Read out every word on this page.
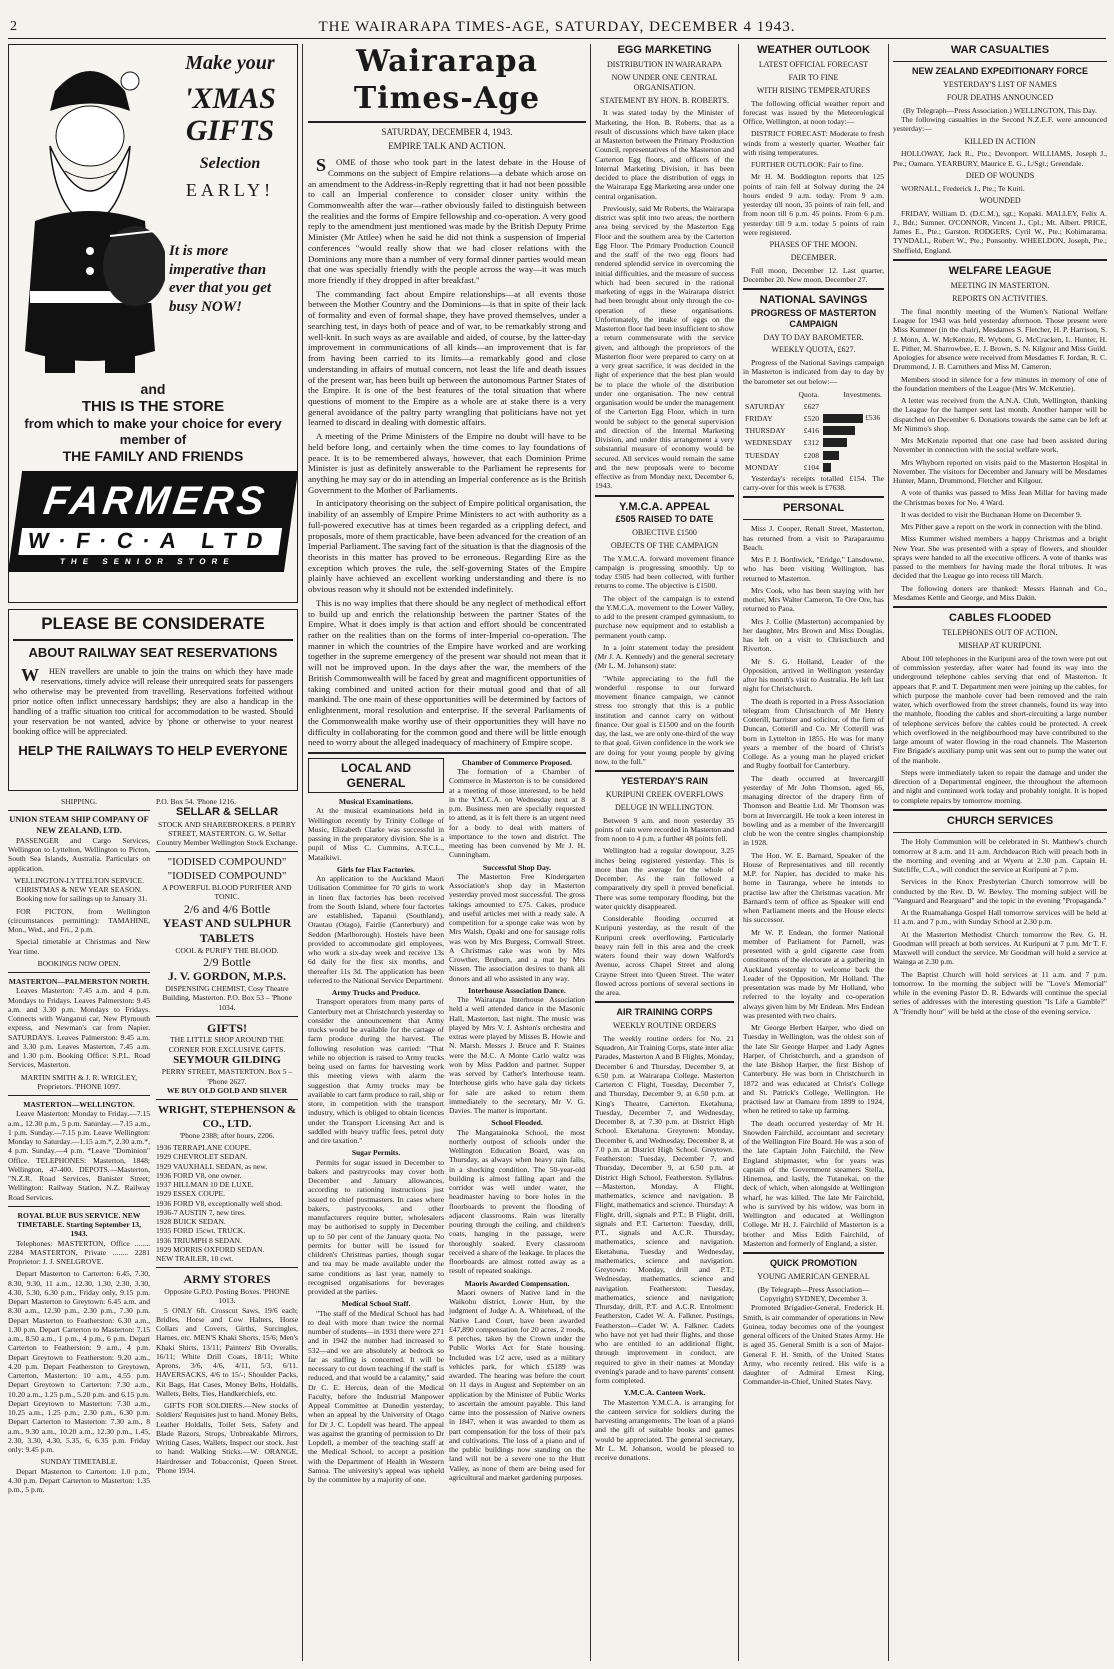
2	THE WAIRARAPA TIMES-AGE, SATURDAY, DECEMBER 4 1943.
Make your
'XMAS GIFTS
Selection
EARLY!
It is more imperative than ever that you get busy NOW!
and
THIS IS THE STORE
from which to make your choice for every member of
THE FAMILY AND FRIENDS
FARMERS
W·F·C·A LTD
THE SENIOR STORE
PLEASE BE CONSIDERATE
ABOUT RAILWAY SEAT RESERVATIONS

WHEN travellers are unable to join the trains on which they have made reservations, timely advice will release their unrequired seats for passengers who otherwise may be prevented from travelling. Reservations forfeited without prior notice often inflict unnecessary hardships; they are also a handicap in the handling of a traffic situation too critical for accommodation to be wasted. Should your reservation be not wanted, advice by 'phone or otherwise to your nearest booking office will be appreciated.

HELP THE RAILWAYS TO HELP EVERYONE
SHIPPING.
UNION STEAM SHIP COMPANY OF NEW ZEALAND, LTD.

PASSENGER and Cargo Services, Wellington to Lyttelton, Wellington to Picton, South Sea Islands, Australia. Particulars on application.

WELLINGTON-LYTTELTON SERVICE.
CHRISTMAS & NEW YEAR SEASON.

Booking now for sailings up to January 31.

FOR PICTON, from Wellington (circumstances permitting): TAMAHINE, Mon., Wed., and Fri., 2 p.m.

Special timetable at Christmas and New Year time.

BOOKINGS NOW OPEN.
MASTERTON—PALMERSTON NORTH.

Leaves Masterton: 7.45 a.m. and 4 p.m. Mondays to Fridays. Leaves Palmerston: 9.45 a.m. and 3.30 p.m. Mondays to Fridays. Connects with Wanganui car, New Plymouth express, and Newman's car from Napier. SATURDAYS. Leaves Palmerston: 9.45 a.m. and 3.30 p.m. Leaves Masterton, 7.45 a.m. and 1.30 p.m. Booking Office: S.P.L. Road Services, Masterton.

MARTIN SMITH & J. R. WRIGLEY, Proprietors. 'PHONE 1097.
MASTERTON—WELLINGTON.

Leave Masterton: Monday to Friday.—7.15 a.m., 12.30 p.m., 5 p.m. Saturday.—7.15 a.m., 1 p.m. Sunday.—7.15 p.m. Leave Wellington: Monday to Saturday.—1.15 a.m.*, 2.30 a.m.*, 4 p.m. Sunday.—4 p.m. *Leave "Dominion" Office. TELEPHONES: Masterton, 1848; Wellington, 47-400. DEPOTS.—Masterton, "N.Z.R. Road Services, Banister Street; Wellington: Railway Station, N.Z. Railway Road Services.

ROYAL BLUE BUS SERVICE. NEW TIMETABLE. Starting September 13, 1943.

Telephones: MASTERTON, Office ........ 2284 MASTERTON, Private ........ 2281 Proprietor: J. J. SNELGROVE.

Depart Masterton to Carterton: 6.45, 7.30, 8.30, 9.30, 11 a.m., 12.30, 1.30, 2.30, 3.30, 4.30, 5.30, 6.30 p.m., Friday only, 9.15 p.m. Depart Masterton to Greytown: 6.45 a.m. and 8.30 a.m., 12.30 p.m., 2.30 p.m., 7.30 p.m. Depart Masterton to Featherston: 6.30 a.m., 1.30 p.m. Depart Carterton to Masterton: 7.15 a.m., 8.50 a.m., 1 p.m., 4 p.m., 6 p.m. Depart Carterton to Featherston: 9 a.m., 4 p.m. Depart Greytown to Featherston: 9.20 a.m., 4.20 p.m. Depart Featherston to Greytown, Carterton, Masterton: 10 a.m., 4.55 p.m. Depart Greytown to Carterton: 7.30 a.m., 10.20 a.m., 1.25 p.m., 5.20 p.m. and 6.15 p.m. Depart Greytown to Masterton: 7.30 a.m., 10.25 a.m., 1.25 p.m., 2.30 p.m., 6.30 p.m. Depart Carterton to Masterton: 7.30 a.m., 8 a.m., 9.30 a.m., 10.20 a.m., 12.30 p.m., 1.45, 2.30, 3.30, 4.30, 5.35, 6, 6.35 p.m. Friday only: 9.45 p.m.

SUNDAY TIMETABLE.

Depart Masterton to Carterton: 1.0 p.m., 4.30 p.m. Depart Carterton to Masterton: 1.35 p.m., 5 p.m.

P.O. Box 54. 'Phone 1216.
SELLAR & SELLAR
STOCK AND SHAREBROKERS. 8 PERRY STREET, MASTERTON. G. W. Sellar Country Member Wellington Stock Exchange.
"IODISED COMPOUND"
"IODISED COMPOUND"
A POWERFUL BLOOD PURIFIER AND TONIC.
2/6 and 4/6 Bottle
YEAST AND SULPHUR TABLETS
COOL & PURIFY THE BLOOD.
2/9 Bottle
J. V. GORDON, M.P.S.
DISPENSING CHEMIST, Cosy Theatre Building, Masterton. P.O. Box 53 – 'Phone 1034.
GIFTS!
THE LITTLE SHOP AROUND THE CORNER FOR EXCLUSIVE GIFTS.
SEYMOUR GILDING
PERRY STREET, MASTERTON. Box 5 – 'Phone 2627.
WE BUY OLD GOLD AND SILVER
WRIGHT, STEPHENSON & CO., LTD.
'Phone 2388; after hours, 2206.
1936 TERRAPLANE COUPE.
1929 CHEVROLET SEDAN.
1929 VAUXHALL SEDAN, as new.
1936 FORD V8, one owner.
1937 HILLMAN 10 DE LUXE.
1929 ESSEX COUPE.
1936 FORD V8, exceptionally well shod.
1936-7 AUSTIN 7, new tires.
1928 BUICK SEDAN.
1935 FORD 15cwt. TRUCK.
1936 TRIUMPH 8 SEDAN.
1929 MORRIS OXFORD SEDAN.
NEW TRAILER, 10 cwt.
ARMY STORES
Opposite G.P.O. Posting Boxes. 'PHONE 1013.

5 ONLY 6ft. Crosscut Saws, 19/6 each; Bridles, Horse and Cow Halters, Horse Collars and Covers, Girths, Surcingles, Hames, etc. MEN'S Khaki Shorts, 15/6; Men's Khaki Shirts, 13/11; Painters' Bib Overalls, 16/11; White Drill Coats, 18/11; White Aprons, 3/6, 4/6, 4/11, 5/3, 6/11. HAVERSACKS, 4/6 to 15/-; Shoulder Packs, Kit Bags, Hat Cases, Money Belts, Holdalls, Wallets, Belts, Ties, Handkerchiefs, etc.

GIFTS FOR SOLDIERS.—New stocks of Soldiers' Requisites just to hand. Money Belts, Leather Holdalls, Toilet Sets, Safety and Blade Razors, Strops, Unbreakable Mirrors, Writing Cases, Wallets, Inspect our stock. Just to hand: Walking Sticks.—W. ORANGE, Hairdresser and Tobacconist, Queen Street. 'Phone 1934.

Wairarapa Times-Age
SATURDAY, DECEMBER 4, 1943.
EMPIRE TALK AND ACTION.

SOME of those who took part in the latest debate in the House of Commons on the subject of Empire relations—a debate which arose on an amendment to the Address-in-Reply regretting that it had not been possible to call an Imperial conference to consider closer unity within the Commonwealth after the war—rather obviously failed to distinguish between the realities and the forms of Empire fellowship and co-operation. A very good reply to the amendment just mentioned was made by the British Deputy Prime Minister (Mr Attlee) when he said he did not think a suspension of Imperial conferences "would really show that we had closer relations with the Dominions any more than a number of very formal dinner parties would mean that one was specially friendly with the people across the way—it was much more friendly if they dropped in after breakfast."

The commanding fact about Empire relationships—at all events those between the Mother Country and the Dominions—is that in spite of their lack of formality and even of formal shape, they have proved themselves, under a searching test, in days both of peace and of war, to be remarkably strong and well-knit. In such ways as are available and aided, of course, by the latter-day improvement in communications of all kinds—an improvement that is far from having been carried to its limits—a remarkably good and close understanding in affairs of mutual concern, not least the life and death issues of the present war, has been built up between the autonomous Partner States of the Empire. It is one of the best features of the total situation that where questions of moment to the Empire as a whole are at stake there is a very general avoidance of the paltry party wrangling that politicians have not yet learned to discard in dealing with domestic affairs.

A meeting of the Prime Ministers of the Empire no doubt will have to be held before long, and certainly when the time comes to lay foundations of peace. It is to be remembered always, however, that each Dominion Prime Minister is just as definitely answerable to the Parliament he represents for anything he may say or do in attending an Imperial conference as is the British Government to the Mother of Parliaments.

In anticipatory theorising on the subject of Empire political organisation, the inability of an assembly of Empire Prime Ministers to act with authority as a full-powered executive has at times been regarded as a crippling defect, and proposals, more of them practicable, have been advanced for the creation of an Imperial Parliament. The saving fact of the situation is that the diagnosis of the theorists in this matter has proved to be erroneous. Regarding Eire as the exception which proves the rule, the self-governing States of the Empire plainly have achieved an excellent working understanding and there is no obvious reason why it should not be extended indefinitely.

This is no way implies that there should be any neglect of methodical effort to build up and enrich the relationship between the partner States of the Empire. What it does imply is that action and effort should be concentrated rather on the realities than on the forms of inter-Imperial co-operation. The manner in which the countries of the Empire have worked and are working together in the supreme emergency of the present war should not mean that it will not be improved upon. In the days after the war, the members of the British Commonwealth will be faced by great and magnificent opportunities of taking combined and united action for their mutual good and that of all mankind. The one main of these opportunities will be determined by factors of enlightenment, moral resolution and enterprise. If the several Parliaments of the Commonwealth make worthy use of their opportunities they will have no difficulty in collaborating for the common good and there will be little enough need to worry about the alleged inadequacy of machinery of Empire scope.

LOCAL AND GENERAL
Musical Examinations.

At the musical examinations held in Wellington recently by Trinity College of Music, Elizabeth Clarke was successful in passing in the preparatory division. She is a pupil of Miss C. Cummins, A.T.C.L., Mataikiwi.

Girls for Flax Factories.

An application to the Auckland Maori Utilisation Committee for 70 girls to work in linen flax factories has been received from the South Island, where four factories are established, Tapanui (Southland), Otautau (Otago), Fairlie (Canterbury) and Seddon (Marlborough). Hostels have been provided to accommodate girl employees, who work a six-day week and receive 13s 6d daily for the first six months, and thereafter 11s 3d. The application has been referred to the National Service Department.

Army Trucks and Produce.

Transport operators from many parts of Canterbury met at Christchurch yesterday to consider the announcement that Army trucks would be available for the cartage of farm produce during the harvest. The following resolution was carried: "That while no objection is raised to Army trucks being used on farms for harvesting work this meeting views with alarm the suggestion that Army trucks may be available to cart farm produce to rail, ship or store, in competition with the transport industry, which is obliged to obtain licences under the Transport Licensing Act and is saddled with heavy traffic fees, petrol duty and tire taxation."

Sugar Permits.

Permits for sugar issued in December to bakers and pastrycooks may cover both December and January allowances, according to rationing instructions just issued to chief postmasters. In cases where bakers, pastrycooks, and other manufacturers require butter, wholesalers may be authorised to supply in December up to 50 per cent of the January quota. No permits for butter will be issued for children's Christmas parties, though sugar and tea may be made available under the same conditions as last year, namely to recognised organisations for beverages provided at the parties.

Medical School Staff.

"The staff of the Medical School has had to deal with more than twice the normal number of students—in 1931 there were 271 and in 1942 the number had increased to 532—and we are absolutely at bedrock so far as staffing is concerned. It will be necessary to cut down teaching if the staff is reduced, and that would be a calamity," said Dr C. E. Hercus, dean of the Medical Faculty, before the Industrial Manpower Appeal Committee at Dunedin yesterday, when an appeal by the University of Otago for Dr J. C. Lopdell was heard. The appeal was against the granting of permission to Dr Lopdell, a member of the teaching staff at the Medical School, to accept a position with the Department of Health in Western Samoa. The university's appeal was upheld by the committee by a majority of one.

Chamber of Commerce Proposed.

The formation of a Chamber of Commerce in Masterton is to be considered at a meeting of those interested, to be held in the Y.M.C.A. on Wednesday next at 8 p.m. Business men are specially requested to attend, as it is felt there is an urgent need for a body to deal with matters of importance to the town and district. The meeting has been convened by Mr J. H. Cunningham.

Successful Shop Day.

The Masterton Free Kindergarten Association's shop day in Masterton yesterday proved most successful. The gross takings amounted to £75. Cakes, produce and useful articles met with a ready sale. A competition for a sponge cake was won by Mrs Walsh, Opaki and one for sausage rolls was won by Mrs Burgess, Cornwall Street. A Christmas cake was won by Mrs Crowther, Bruburn, and a mat by Mrs Nissen. The association desires to thank all donors and all who assisted in any way.

Interhouse Association Dance.

The Wairarapa Interhouse Association held a well attended dance in the Masonic Hall, Masterton, last night. The music was played by Mrs V. J. Ashton's orchestra and extras were played by Misses B. Howie and N. Marsh. Messrs J. Bruce and F. Staines were the M.C. A Monte Carlo waltz was won by Miss Paddon and partner. Supper was served by Cather's Interhouse team. Interhouse girls who have gala day tickets for sale are asked to return them immediately to the secretary, Mr V. G. Davies. The matter is important.

School Flooded.

The Mangatainoka School, the most northerly outpost of schools under the Wellington Education Board, was on Thursday, as always when heavy rain falls, in a shocking condition. The 50-year-old building is almost falling apart and the corridor was well under water, the headmaster having to bore holes in the floorboards to prevent the flooding of adjacent classrooms. Rain was literally pouring through the ceiling, and children's coats, hanging in the passage, were thoroughly soaked. Every classroom received a share of the leakage. In places the floorboards are almost rotted away as a result of repeated soakings.

Maoris Awarded Compensation.

Maori owners of Native land in the Waikohu district, Lower Hutt, by the judgment of Judge A. A. Whitehead, of the Native Land Court, have been awarded £47,890 compensation for 20 acres, 2 roods, 8 perches, taken by the Crown under the Public Works Act for State housing. Included was 1/2 acre, used as a military vehicles park, for which £5189 was awarded. The hearing was before the court on 11 days in August and September on an application by the Minister of Public Works to ascertain the amount payable. This land came into the possession of Native owners in 1847, when it was awarded to them as part compensation for the loss of their pa's and cultivations. The loss of a piano and of the public buildings now standing on the land will not be a severe one to the Hutt Valley, as none of them are being used for agricultural and market gardening purposes.

EGG MARKETING
DISTRIBUTION IN WAIRARAPA
NOW UNDER ONE CENTRAL ORGANISATION.
STATEMENT BY HON. B. ROBERTS.

It was stated today by the Minister of Marketing, the Hon. B. Roberts, that as a result of discussions which have taken place at Masterton between the Primary Production Council, representatives of the Masterton and Carterton Egg floors, and officers of the Internal Marketing Division, it has been decided to place the distribution of eggs in the Wairarapa Egg Marketing area under one central organisation.

Previously, said Mr Roberts, the Wairarapa district was split into two areas, the northern area being serviced by the Masterton Egg Floor and the southern area by the Carterton Egg Floor. The Primary Production Council and the staff of the two egg floors had rendered splendid service in overcoming the initial difficulties, and the measure of success which had been secured in the rational marketing of eggs in the Wairarapa district had been brought about only through the co-operation of these organisations. Unfortunately, the intake of eggs on the Masterton floor had been insufficient to show a return commensurate with the service given, and although the proprietors of the Masterton floor were prepared to carry on at a very great sacrifice, it was decided in the light of experience that the best plan would be to place the whole of the distribution under one organisation. The new central organisation would be under the management of the Carterton Egg Floor, which in turn would be subject to the general supervision and direction of the Internal Marketing Division, and under this arrangement a very substantial measure of economy would be secured. All services would remain the same and the new proposals were to become effective as from Monday next, December 6, 1943.

Y.M.C.A. APPEAL
£505 RAISED TO DATE
OBJECTIVE £1500
OBJECTS OF THE CAMPAIGN

The Y.M.C.A. forward movement finance campaign is progressing smoothly. Up to today £505 had been collected, with further returns to come. The objective is £1500.

The object of the campaign is to extend the Y.M.C.A. movement to the Lower Valley, to add to the present cramped gymnasium, to purchase new equipment and to establish a permanent youth camp.

In a joint statement today the president (Mr J. A. Kennedy) and the general secretary (Mr L. M. Johanson) state:

"While appreciating to the full the wonderful response to our forward movement finance campaign, we cannot stress too strongly that this is a public institution and cannot carry on without finance. Our goal is £1500 and on the fourth day, the last, we are only one-third of the way to that goal. Given confidence in the work we are doing for your young people by giving now, to the full."

YESTERDAY'S RAIN
KURIPUNI CREEK OVERFLOWS
DELUGE IN WELLINGTON.

Between 9 a.m. and noon yesterday 35 points of rain were recorded in Masterton and from noon to 4 p.m. a further 48 points fell.

Wellington had a regular downpour, 3.25 inches being registered yesterday. This is more than the average for the whole of December. As the rain followed a comparatively dry spell it proved beneficial. There was some temporary flooding, but the water quickly disappeared.

Considerable flooding occurred at Kuripuni yesterday, as the result of the Kuripuni creek overflowing. Particularly heavy rain fell in this area and the creek waters found their way down Walford's Avenue, across Chapel Street and along Crayne Street into Queen Street. The water flowed across portions of several sections in the area.

AIR TRAINING CORPS
WEEKLY ROUTINE ORDERS

The weekly routine orders for No. 21 Squadron, Air Training Corps, state inter alia: Parades, Masterton A and B Flights, Monday, December 6 and Thursday, December 9, at 6.50 p.m. at Wairarapa College. Masterton Carterton C Flight, Tuesday, December 7, and Thursday, December 9, at 6.50 p.m. at King's Theatre, Carterton. Eketahuna, Tuesday, December 7, and Wednesday, December 8, at 7.30 p.m. at District High School. Eketahuna. Greytown: Monday, December 6, and Wednesday, December 8, at 7.0 p.m. at District High School. Greytown. Featherston: Tuesday, December 7, and Thursday, December 9, at 6.50 p.m. at District High School, Featherston. Syllabus.—Masterton, Monday, A Flight, mathematics, science and navigation. B Flight, mathematics and science. Thursday: A Flight, drill, signals and P.T.; B Flight, drill, signals and P.T. Carterton: Tuesday, drill, P.T., signals and A.C.R. Thursday, mathematics, science and navigation. Eketahuna, Tuesday and Wednesday, mathematics, science and navigation. Greytown: Monday, drill and P.T.; Wednesday, mathematics, science and navigation. Featherston: Tuesday, mathematics, science and navigation; Thursday, drill, P.T. and A.C.R. Enrolment: Featherston, Cadet W. A. Falkner. Postings, Featherston—Cadet W. A. Falkner. Cadets who have not yet had their flights, and those who are entitled to an additional flight, through improvement in conduct, are required to give in their names at Monday evening's parade and to have parents' consent form completed.

Y.M.C.A. Canteen Work.

The Masterton Y.M.C.A. is arranging for the canteen service for soldiers during the harvesting arrangements. The loan of a piano and the gift of suitable books and games would be appreciated. The general secretary, Mr L. M. Johanson, would be pleased to receive donations.

WEATHER OUTLOOK
LATEST OFFICIAL FORECAST
FAIR TO FINE
WITH RISING TEMPERATURES

The following official weather report and forecast was issued by the Meteorological Office, Wellington, at noon today:—

DISTRICT FORECAST: Moderate to fresh winds from a westerly quarter. Weather fair with rising temperatures.

FURTHER OUTLOOK: Fair to fine.

Mr H. M. Boddington reports that 125 points of rain fell at Solway during the 24 hours ended 9 a.m. today. From 9 a.m. yesterday till noon, 35 points of rain fell, and from noon till 6 p.m. 45 points. From 6 p.m. yesterday till 9 a.m. today 5 points of rain were registered.

PHASES OF THE MOON.
DECEMBER.

Full moon, December 12. Last quarter, December 20. New moon, December 27.

NATIONAL SAVINGS
PROGRESS OF MASTERTON CAMPAIGN
DAY TO DAY BAROMETER.
WEEKLY QUOTA, £627.

Progress of the National Savings campaign in Masterton is indicated from day to day by the barometer set out below:—

	Quota.	Investments.
SATURDAY	£627	
FRIDAY	£520	£536
THURSDAY	£416	
WEDNESDAY	£312	
TUESDAY	£208	
MONDAY	£104	

Yesterday's receipts totalled £154. The carry-over for this week is £7638.

PERSONAL

Miss J. Cooper, Renall Street, Masterton, has returned from a visit to Paraparaumu Beach.

Mrs P. J. Borthwick, "Eridge," Lansdowne, who has been visiting Wellington, has returned to Masterton.

Mrs Cook, who has been staying with her mother, Mrs Walter Cameron, Te Ore Ore, has returned to Paoa.

Mrs J. Collie (Masterton) accompanied by her daughter, Mrs Brown and Miss Douglas, has left on a visit to Christchurch and Riverton.

Mr S. G. Holland, Leader of the Opposition, arrived in Wellington yesterday after his month's visit to Australia. He left last night for Christchurch.

The death is reported in a Press Association telegram from Christchurch of Mr Henry Cotterill, barrister and solicitor, of the firm of Duncan, Cotterill and Co. Mr Cotterill was born in Lyttelton in 1855. He was for many years a member of the board of Christ's College. As a young man he played cricket and Rugby football for Canterbury.

The death occurred at Invercargill yesterday of Mr John Thomson, aged 66, managing director of the drapery firm of Thomson and Beattie Ltd. Mr Thomson was born at Invercargill. He took a keen interest in bowling and as a member of the Invercargill club he won the centre singles championship in 1928.

The Hon. W. E. Barnard, Speaker of the House of Representatives and till recently M.P. for Napier, has decided to make his home in Tauranga, where he intends to practise law after the Christmas vacation. Mr Barnard's term of office as Speaker will end when Parliament meets and the House elects his successor.

Mr W. P. Endean, the former National member of Parliament for Parnell, was presented with a gold cigarette case from constituents of the electorate at a gathering in Auckland yesterday to welcome back the Leader of the Opposition, Mr Holland. The presentation was made by Mr Holland, who referred to the loyalty and co-operation always given him by Mr Endean. Mrs Endean was presented with two chairs.

Mr George Herbert Harper, who died on Tuesday in Wellington, was the oldest son of the late Sir George Harper and Lady Agnes Harper, of Christchurch, and a grandson of the late Bishop Harper, the first Bishop of Canterbury. He was born in Christchurch in 1872 and was educated at Christ's College and St. Patrick's College, Wellington. He practised law at Oamaru from 1899 to 1924, when he retired to take up farming.

The death occurred yesterday of Mr H. Snowden Fairchild, accountant and secretary of the Wellington Fire Board. He was a son of the late Captain John Fairchild, the New England shipmaster, who for years was captain of the Government steamers Stella, Hinemoa, and lastly, the Tutanekai, on the deck of which, when alongside at Wellington wharf, he was killed. The late Mr Fairchild, who is survived by his widow, was born in Wellington and educated at Wellington College. Mr H. J. Fairchild of Masterton is a brother and Miss Edith Fairchild, of Masterton and formerly of England, a sister.

QUICK PROMOTION
YOUNG AMERICAN GENERAL
(By Telegraph—Press Association—Copyright) SYDNEY, December 3.

Promoted Brigadier-General, Frederick H. Smith, is air commander of operations in New Guinea, today becomes one of the youngest general officers of the United States Army. He is aged 35. General Smith is a son of Major-General F. H. Smith, of the United States Army, who recently retired. His wife is a daughter of Admiral Ernest King, Commander-in-Chief, United States Navy.

WAR CASUALTIES
NEW ZEALAND EXPEDITIONARY FORCE
YESTERDAY'S LIST OF NAMES
FOUR DEATHS ANNOUNCED
(By Telegraph—Press Association.) WELLINGTON, This Day.

The following casualties in the Second N.Z.E.F. were announced yesterday:—

KILLED IN ACTION

HOLLOWAY, Jack R., Pte.; Devonport. WILLIAMS, Joseph J., Pte.; Oamaru. YEARBURY, Maurice E. G., L/Sgt.; Greendale.

DIED OF WOUNDS

WORNALL, Frederick J., Pte.; Te Kuiti.

WOUNDED

FRIDAY, William D. (D.C.M.), sgt.; Kopaki. MALLEY, Felix A. J., Bdr.; Sumner. O'CONNOR, Vincent J., Cpl.; Mt. Albert. PRICE, James E., Pte.; Garston. RODGERS, Cyril W., Pte.; Kohimarama. TYNDALL, Robert W., Pte.; Ponsonby. WHEELDON, Joseph, Pte.; Sheffield, England.

WELFARE LEAGUE
MEETING IN MASTERTON.
REPORTS ON ACTIVITIES.

The final monthly meeting of the Women's National Welfare League for 1943 was held yesterday afternoon. Those present were Miss Kummer (in the chair), Mesdames S. Fletcher, H. P. Harrison, S. J. Monn, A. W. McKenzie, R. Wybom, G. McCracken, L. Hunter, H. E. Pither, M. Sharrowbee, E. J. Brown, S. N. Kilgour and Miss Guild. Apologies for absence were received from Mesdames F. Jordan, R. C. Drummond, J. B. Carruthers and Miss M. Cameron.

Members stood in silence for a few minutes in memory of one of the foundation members of the League (Mrs W. McKenzie).

A letter was received from the A.N.A. Club, Wellington, thanking the League for the hamper sent last month. Another hamper will be dispatched on December 6. Donations towards the same can be left at Mr Nimmo's shop.

Mrs McKenzie reported that one case had been assisted during November in connection with the social welfare work.

Mrs Whyborn reported on visits paid to the Masterton Hospital in November. The visitors for December and January will be Mesdames Hunter, Mann, Drummond, Fletcher and Kilgour.

A vote of thanks was passed to Miss Jean Millar for having made the Christmas boxes for No. 4 Ward.

It was decided to visit the Buchanan Home on December 9.

Mrs Pither gave a report on the work in connection with the blind.

Miss Kummer wished members a happy Christmas and a bright New Year. She was presented with a spray of flowers, and shoulder sprays were handed to all the executive officers. A vote of thanks was passed to the members for having made the floral tributes. It was decided that the League go into recess till March.

The following doners are thanked: Messrs Hannah and Co., Mesdames Kettle and George, and Miss Dakin.

CABLES FLOODED
TELEPHONES OUT OF ACTION.
MISHAP AT KURIPUNI.

About 100 telephones in the Kuripuni area of the town were put out of commission yesterday, after water had found its way into the underground telephone cables serving that end of Masterton. It appears that P. and T. Department men were joining up the cables, for which purpose the manhole cover had been removed and the rain water, which overflowed from the street channels, found its way into the manhole, flooding the cables and short-circuiting a large number of telephone services before the cables could be protected. A creek which overflowed in the neighbourhood may have contributed to the large amount of water flowing in the road channels. The Masterton Fire Brigade's auxiliary pump unit was sent out to pump the water out of the manhole.

Steps were immediately taken to repair the damage and under the direction of a Departmental engineer, the throughout the afternoon and night and continued work today and probably tonight. It is hoped to complete repairs by tomorrow morning.

CHURCH SERVICES

The Holy Communion will be celebrated in St. Matthew's church tomorrow at 8 a.m. and 11 a.m. Archdeacon Rich will preach both in the morning and evening and at Wyeru at 2.30 p.m. Captain H. Sutcliffe, C.A., will conduct the service at Kuripuni at 7 p.m.

Services in the Knox Presbyterian Church tomorrow will be conducted by the Rev. D. W. Bewley. The morning subject will be "Vanguard and Rearguard" and the topic in the evening "Propaganda."

At the Ruamahanga Gospel Hall tomorrow services will be held at 11 a.m. and 7 p.m., with Sunday School at 2.30 p.m.

At the Masterton Methodist Church tomorrow the Rev. G. H. Goodman will preach at both services. At Kuripuni at 7 p.m. Mr T. F. Maxwell will conduct the service. Mr Goodman will hold a service at Wainga at 2.30 p.m.

The Baptist Church will hold services at 11 a.m. and 7 p.m. tomorrow. In the morning the subject will be "Love's Memorial" while in the evening Pastor D. R. Edwards will continue the special series of addresses with the interesting question "Is Life a Gamble?" A "friendly hour" will be held at the close of the evening service.
